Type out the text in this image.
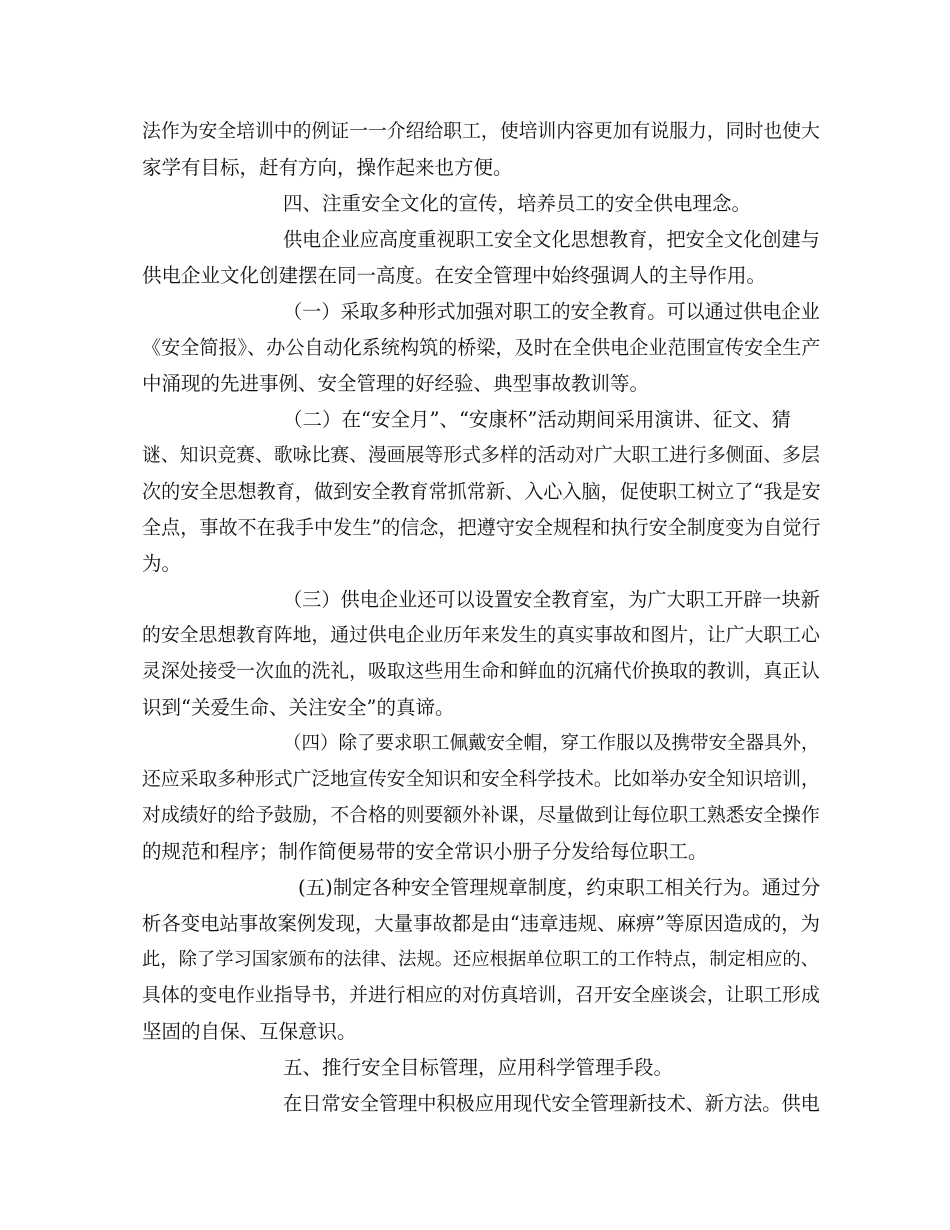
法作为安全培训中的例证一一介绍给职工，使培训内容更加有说服力，同时也使大
家学有目标，赶有方向，操作起来也方便。
四、注重安全文化的宣传，培养员工的安全供电理念。
供电企业应高度重视职工安全文化思想教育，把安全文化创建与
供电企业文化创建摆在同一高度。在安全管理中始终强调人的主导作用。
（一）采取多种形式加强对职工的安全教育。可以通过供电企业
《安全简报》、办公自动化系统构筑的桥梁，及时在全供电企业范围宣传安全生产
中涌现的先进事例、安全管理的好经验、典型事故教训等。
（二）在“安全月”、“安康杯”活动期间采用演讲、征文、猜
谜、知识竞赛、歌咏比赛、漫画展等形式多样的活动对广大职工进行多侧面、多层
次的安全思想教育，做到安全教育常抓常新、入心入脑，促使职工树立了“我是安
全点，事故不在我手中发生”的信念，把遵守安全规程和执行安全制度变为自觉行
为。
（三）供电企业还可以设置安全教育室，为广大职工开辟一块新
的安全思想教育阵地，通过供电企业历年来发生的真实事故和图片，让广大职工心
灵深处接受一次血的洗礼，吸取这些用生命和鲜血的沉痛代价换取的教训，真正认
识到“关爱生命、关注安全”的真谛。
（四）除了要求职工佩戴安全帽，穿工作服以及携带安全器具外，
还应采取多种形式广泛地宣传安全知识和安全科学技术。比如举办安全知识培训，
对成绩好的给予鼓励，不合格的则要额外补课，尽量做到让每位职工熟悉安全操作
的规范和程序；制作简便易带的安全常识小册子分发给每位职工。
(五)制定各种安全管理规章制度，约束职工相关行为。通过分
析各变电站事故案例发现，大量事故都是由“违章违规、麻痹”等原因造成的，为
此，除了学习国家颁布的法律、法规。还应根据单位职工的工作特点，制定相应的、
具体的变电作业指导书，并进行相应的对仿真培训，召开安全座谈会，让职工形成
坚固的自保、互保意识。
五、推行安全目标管理，应用科学管理手段。
在日常安全管理中积极应用现代安全管理新技术、新方法。供电
